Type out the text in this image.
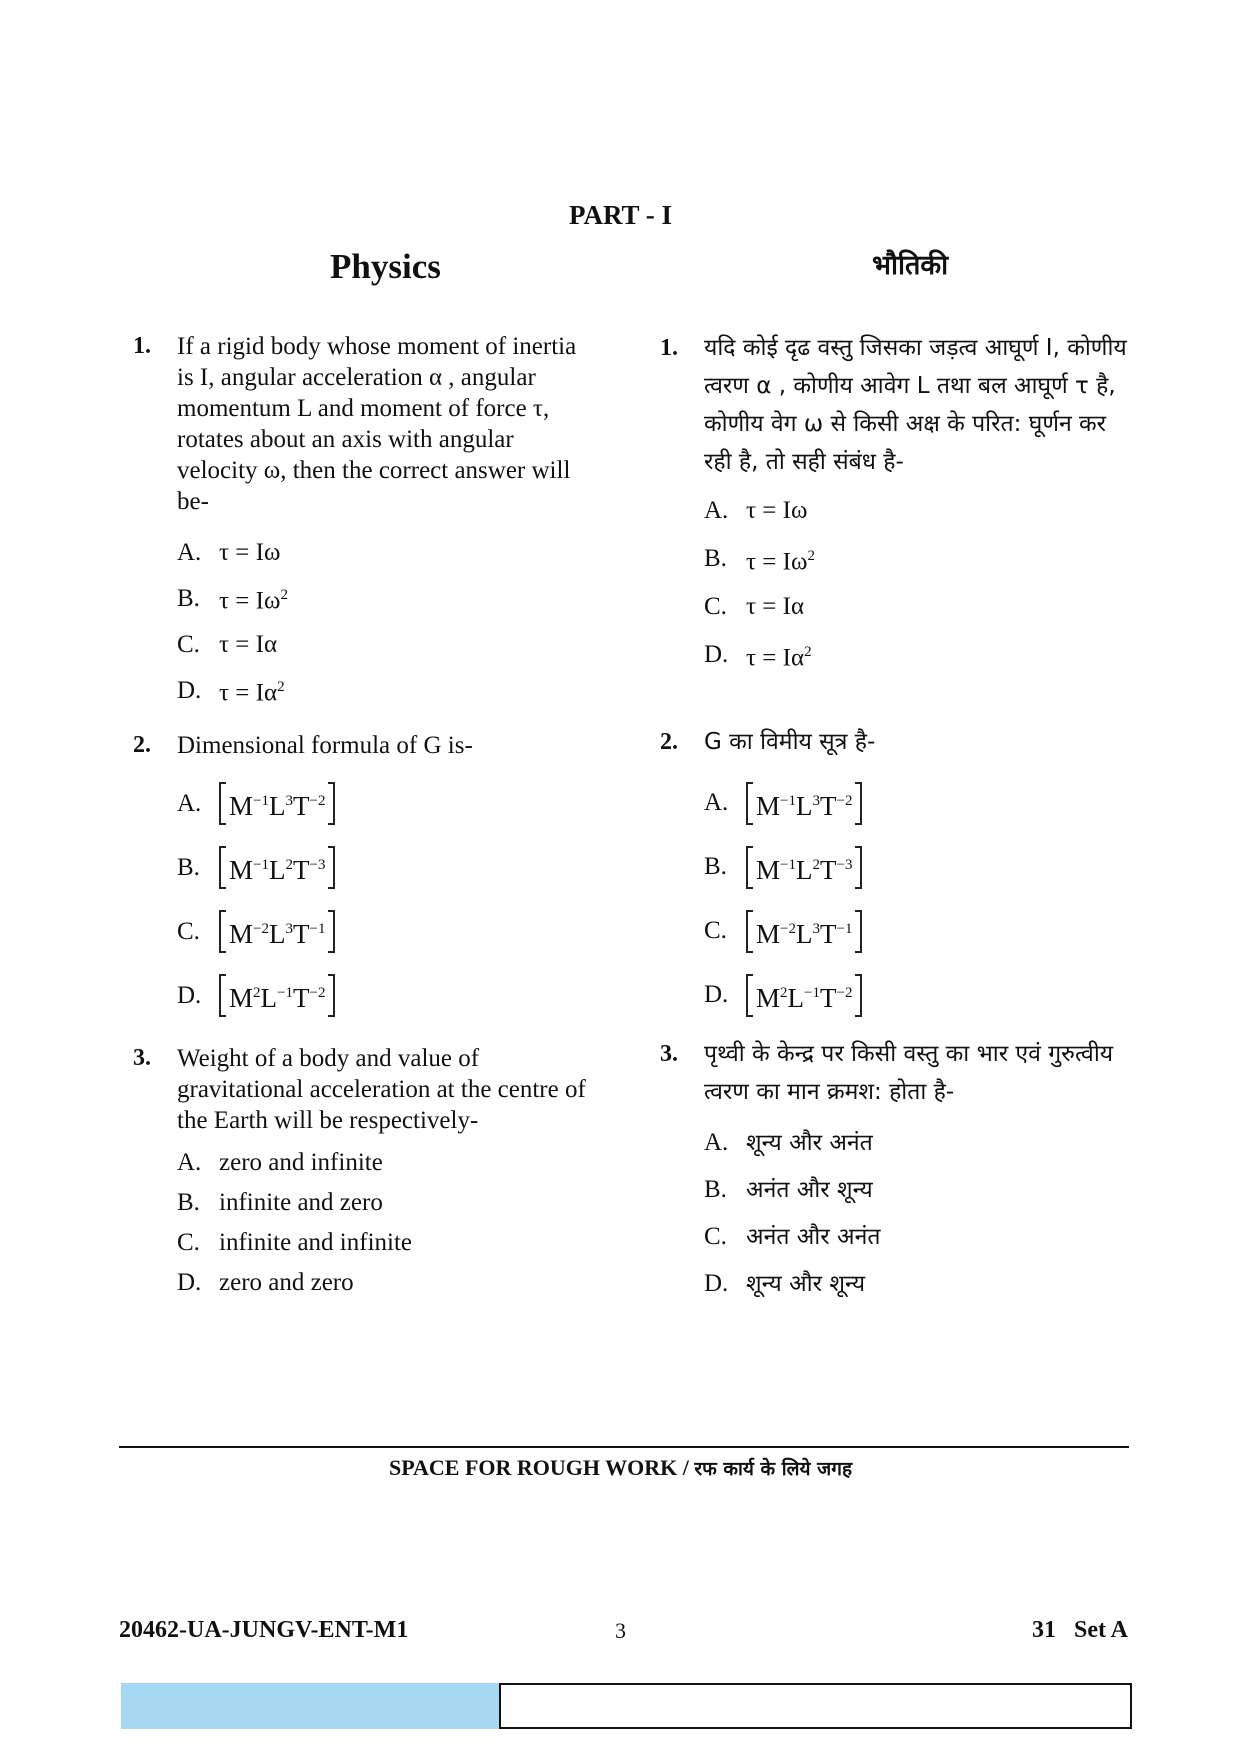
PART - I
Physics	भौतिकी
1. If a rigid body whose moment of inertia is I, angular acceleration α , angular momentum L and moment of force τ, rotates about an axis with angular velocity ω, then the correct answer will be-

A. τ = Iω
B. $\tau = I\omega^2$
C. τ = Iα
D. $\tau = I\alpha^2$
2. Dimensional formula of G is-

A.	$M^{-1}L^3T^{-2}$
B.	$M^{-1}L^2T^{-3}$
C.	$M^{-2}L^3T^{-1}$
D.	$M^2L^{-1}T^{-2}$
3. Weight of a body and value of gravitational acceleration at the centre of the Earth will be respectively-

A. zero and infinite
B. infinite and zero
C. infinite and infinite
D. zero and zero
1. यदि कोई दृढ वस्तु जिसका जड़त्व आघूर्ण I, कोणीय त्वरण α , कोणीय आवेग L तथा बल आघूर्ण τ है, कोणीय वेग ω से किसी अक्ष के परित: घूर्णन कर रही है, तो सही संबंध है-

A. τ = Iω
B. $\tau = I\omega^2$
C. τ = Iα
D. $\tau = I\alpha^2$
2. G का विमीय सूत्र है-

A.	$M^{-1}L^3T^{-2}$
B.	$M^{-1}L^2T^{-3}$
C.	$M^{-2}L^3T^{-1}$
D.	$M^2L^{-1}T^{-2}$
3. पृथ्वी के केन्द्र पर किसी वस्तु का भार एवं गुरुत्वीय त्वरण का मान क्रमश: होता है-

A. शून्य और अनंत
B. अनंत और शून्य
C. अनंत और अनंत
D. शून्य और शून्य
SPACE FOR ROUGH WORK / रफ कार्य के लिये जगह
20462-UA-JUNGV-ENT-M1	3	31   Set A
